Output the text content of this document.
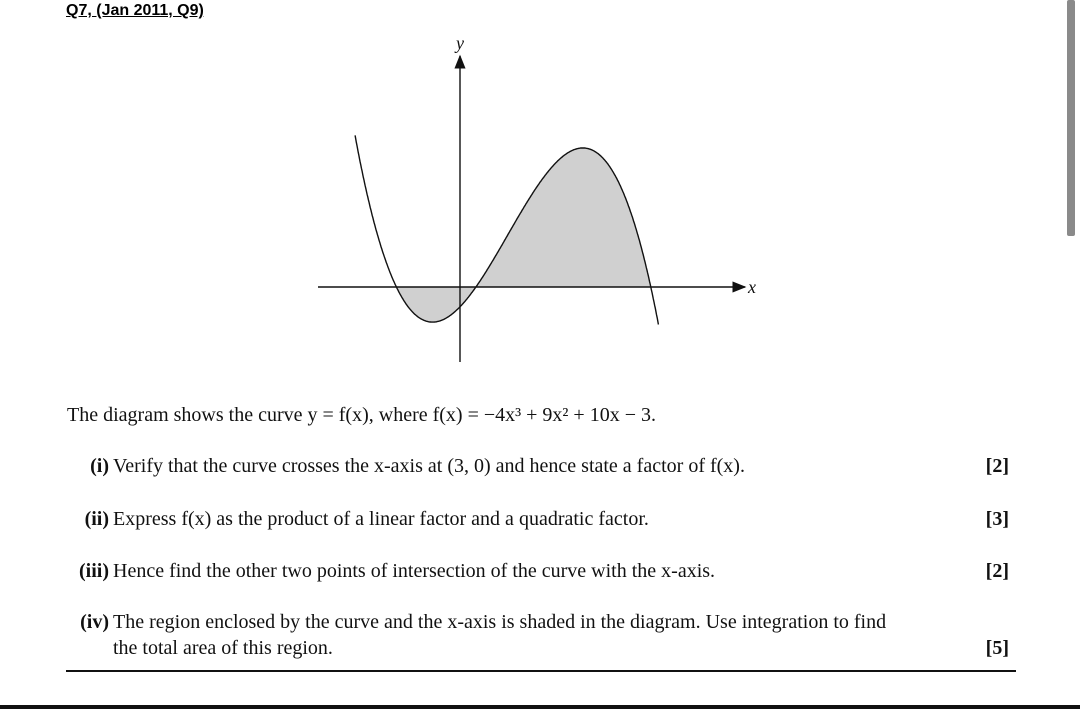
Q7, (Jan 2011, Q9)
y
x
The diagram shows the curve y = f(x), where f(x) = −4x³ + 9x² + 10x − 3.
(i) Verify that the curve crosses the x-axis at (3, 0) and hence state a factor of f(x).	[2]
(ii) Express f(x) as the product of a linear factor and a quadratic factor.	[3]
(iii) Hence find the other two points of intersection of the curve with the x-axis.	[2]
(iv) The region enclosed by the curve and the x-axis is shaded in the diagram. Use integration to find
the total area of this region.	[5]
